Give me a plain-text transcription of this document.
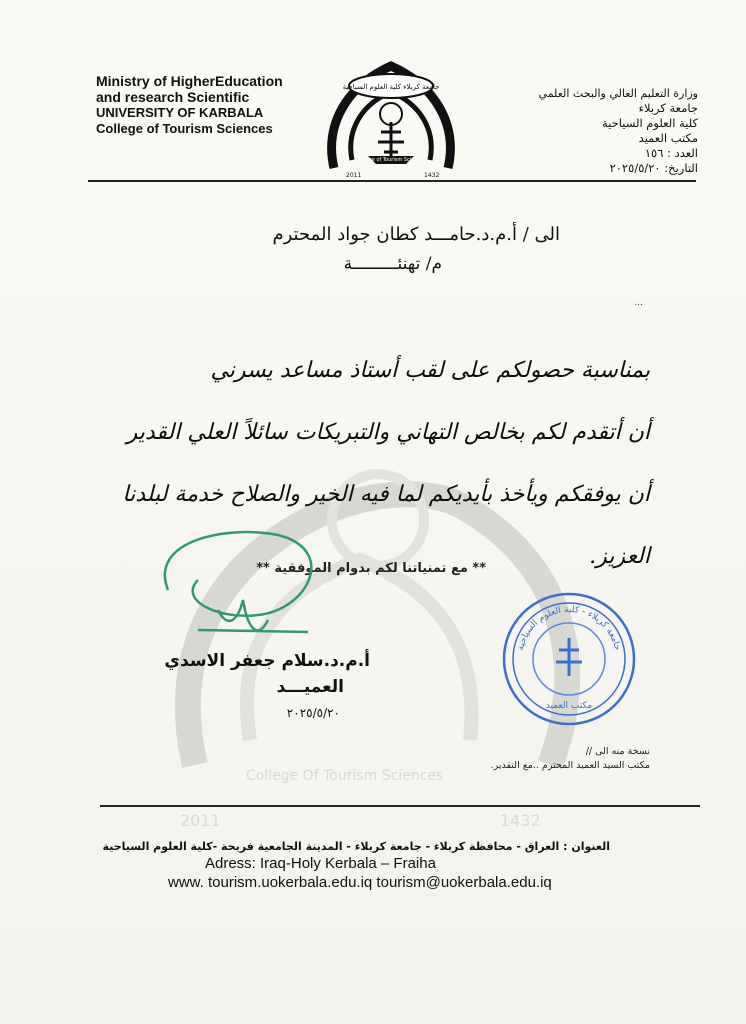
College Of Tourism Sciences
2011	1432
Ministry of HigherEducation
and research Scientific
UNIVERSITY OF KARBALA
College of Tourism Sciences
جامعة كربلاء كلية العلوم السياحية
College of Tourism Sciences
2011	1432
وزارة التعليم العالي والبحث العلمي
جامعة كربلاء
كلية العلوم السياحية
مكتب العميد
العدد : ١٥٦
التاريخ: ٢٠٢٥/٥/٢٠
الى / أ.م.د.حامـــد كطان جواد المحترم
م/ تهنئـــــــــة
...
بمناسبة حصولكم على لقب أستاذ مساعد يسرني
أن أتقدم لكم بخالص التهاني والتبريكات سائلاً العلي القدير
أن يوفقكم ويأخذ بأيديكم لما فيه الخير والصلاح خدمة لبلدنا
العزيز.
** مع تمنياتنا لكم بدوام الموفقية **
أ.م.د.سلام جعفر الاسدي
العميـــد
٢٠٢٥/٥/٢٠
جامعة كربلاء - كلية العلوم السياحية
مكتب العميد
نسخة منه الى //
مكتب السيد العميد المحترم ..مع التقدير.
العنوان : العراق - محافظة كربلاء - جامعة كربلاء - المدينة الجامعية فريحة -كلية العلوم السياحية
Adress: Iraq-Holy Kerbala – Fraiha
www. tourism.uokerbala.edu.iq tourism@uokerbala.edu.iq
